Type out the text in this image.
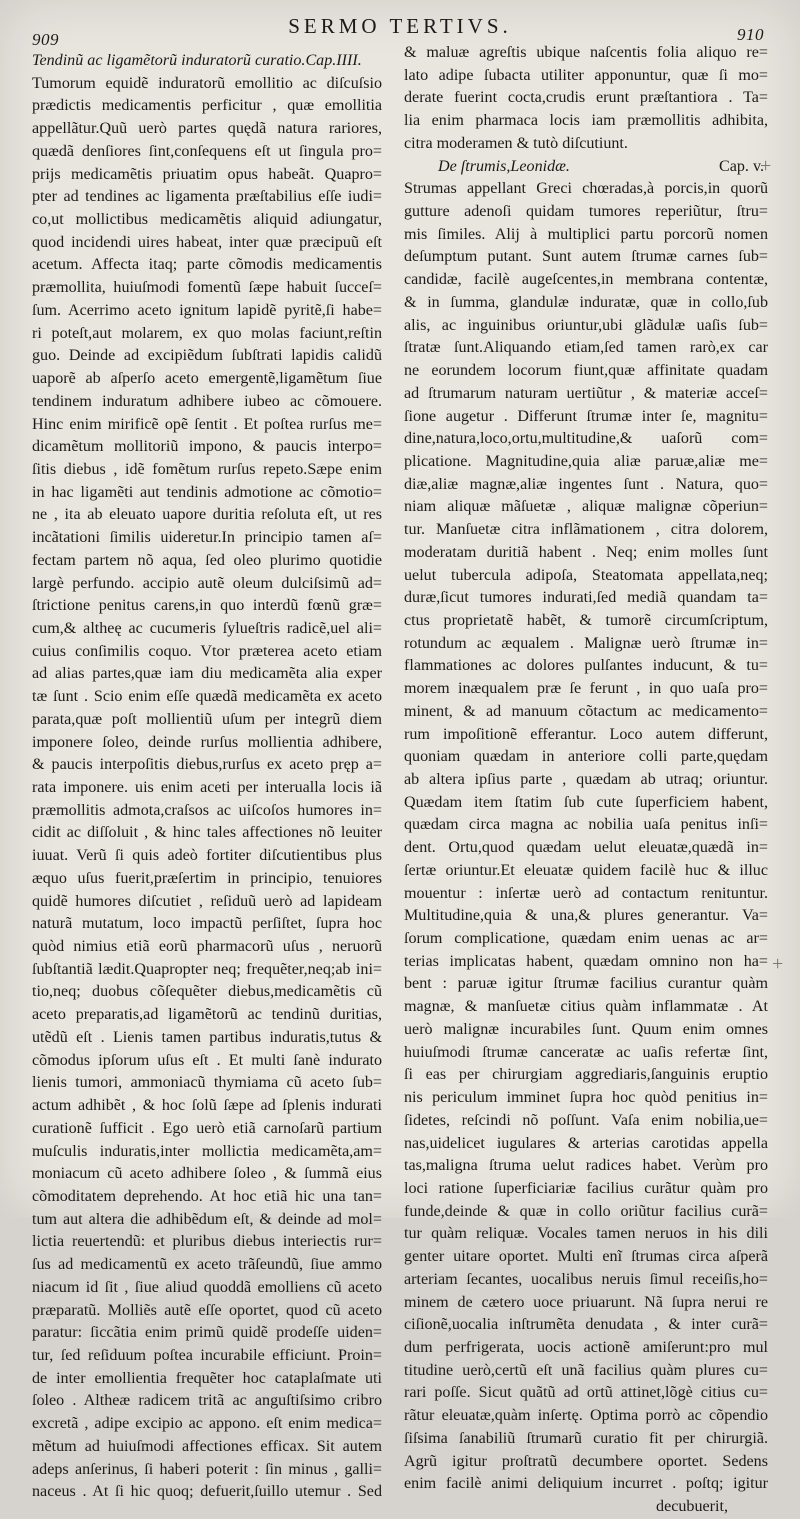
909
SERMO TERTIVS.	910
Tendinũ ac ligamẽtorũ induratorũ curatio.Cap.IIII.
Tumorum equidẽ induratorũ emollitio ac diſcuſsio
prædictis medicamentis perficitur , quæ emollitia
appellãtur.Quũ uerò partes quędã natura rariores,
quædã denſiores ſint,conſequens eſt ut ſingula pro=
prijs medicamẽtis priuatim opus habeãt. Quapro=
pter ad tendines ac ligamenta præſtabilius eſſe iudi=
co,ut mollictibus medicamẽtis aliquid adiungatur,
quod incidendi uires habeat, inter quæ præcipuũ eſt
acetum. Affecta itaq; parte cõmodis medicamentis
præmollita, huiuſmodi fomentũ ſæpe habuit ſucceſ=
ſum. Acerrimo aceto ignitum lapidẽ pyritẽ,ſi habe=
ri poteſt,aut molarem, ex quo molas faciunt,reſtin
guo. Deinde ad excipiẽdum ſubſtrati lapidis calidũ
uaporẽ ab aſperſo aceto emergentẽ,ligamẽtum ſiue
tendinem induratum adhibere iubeo ac cõmouere.
Hinc enim mirificẽ opẽ ſentit . Et poſtea rurſus me=
dicamẽtum mollitoriũ impono, & paucis interpo=
ſitis diebus , idẽ fomẽtum rurſus repeto.Sæpe enim
in hac ligamẽti aut tendinis admotione ac cõmotio=
ne , ita ab eleuato uapore duritia reſoluta eſt, ut res
incãtationi ſimilis uideretur.In principio tamen aſ=
fectam partem nõ aqua, ſed oleo plurimo quotidie
largè perfundo. accipio autẽ oleum dulciſsimũ ad=
ſtrictione penitus carens,in quo interdũ fœnũ græ=
cum,& altheę ac cucumeris ſylueſtris radicẽ,uel ali=
cuius conſimilis coquo. Vtor præterea aceto etiam
ad alias partes,quæ iam diu medicamẽta alia exper
tæ ſunt . Scio enim eſſe quædã medicamẽta ex aceto
parata,quæ poſt mollientiũ uſum per integrũ diem
imponere ſoleo, deinde rurſus mollientia adhibere,
& paucis interpoſitis diebus,rurſus ex aceto pręp a=
rata imponere. uis enim aceti per interualla locis iã
præmollitis admota,craſsos ac uiſcoſos humores in=
cidit ac diſſoluit , & hinc tales affectiones nõ leuiter
iuuat. Verũ ſi quis adeò fortiter diſcutientibus plus
æquo uſus fuerit,præſertim in principio, tenuiores
quidẽ humores diſcutiet , reſiduũ uerò ad lapideam
naturã mutatum, loco impactũ perſiſtet, ſupra hoc
quòd nimius etiã eorũ pharmacorũ uſus , neruorũ
ſubſtantiã lædit.Quapropter neq; frequẽter,neq;ab ini=
tio,neq; duobus cõſequẽter diebus,medicamẽtis cũ
aceto preparatis,ad ligamẽtorũ ac tendinũ duritias,
utẽdũ eſt . Lienis tamen partibus induratis,tutus &
cõmodus ipſorum uſus eſt . Et multi ſanè indurato
lienis tumori, ammoniacũ thymiama cũ aceto ſub=
actum adhibẽt , & hoc ſolũ ſæpe ad ſplenis indurati
curationẽ ſufficit . Ego uerò etiã carnoſarũ partium
muſculis induratis,inter mollictia medicamẽta,am=
moniacum cũ aceto adhibere ſoleo , & ſummã eius
cõmoditatem deprehendo. At hoc etiã hic una tan=
tum aut altera die adhibẽdum eſt, & deinde ad mol=
lictia reuertendũ: et pluribus diebus interiectis rur=
ſus ad medicamentũ ex aceto trãſeundũ, ſiue ammo
niacum id ſit , ſiue aliud quoddã emolliens cũ aceto
præparatũ. Molliẽs autẽ eſſe oportet, quod cũ aceto
paratur: ſiccãtia enim primũ quidẽ prodeſſe uiden=
tur, ſed reſiduum poſtea incurabile efficiunt. Proin=
de inter emollientia frequẽter hoc cataplaſmate uti
ſoleo . Altheæ radicem tritã ac anguſtiſsimo cribro
excretã , adipe excipio ac appono. eſt enim medica=
mẽtum ad huiuſmodi affectiones efficax. Sit autem
adeps anſerinus, ſi haberi poterit : ſin minus , galli=
naceus . At ſi hic quoq; defuerit,ſuillo utemur . Sed
& maluæ agreſtis ubique naſcentis folia aliquo re=
lato adipe ſubacta utiliter apponuntur, quæ ſi mo=
derate fuerint cocta,crudis erunt præſtantiora . Ta=
lia enim pharmaca locis iam præmollitis adhibita,
citra moderamen & tutò diſcutiunt.
De ſtrumis,Leonidæ.	Cap. v.
Strumas appellant Greci chœradas,à porcis,in quorũ
gutture adenoſi quidam tumores reperiũtur, ſtru=
mis ſimiles. Alij à multiplici partu porcorũ nomen
deſumptum putant. Sunt autem ſtrumæ carnes ſub=
candidæ, facilè augeſcentes,in membrana contentæ,
& in ſumma, glandulæ induratæ, quæ in collo,ſub
alis, ac inguinibus oriuntur,ubi glãdulæ uaſis ſub=
ſtratæ ſunt.Aliquando etiam,ſed tamen rarò,ex car
ne eorundem locorum fiunt,quæ affinitate quadam
ad ſtrumarum naturam uertiũtur , & materiæ acceſ=
ſione augetur . Differunt ſtrumæ inter ſe, magnitu=
dine,natura,loco,ortu,multitudine,& uaſorũ com=
plicatione. Magnitudine,quia aliæ paruæ,aliæ me=
diæ,aliæ magnæ,aliæ ingentes ſunt . Natura, quo=
niam aliquæ mãſuetæ , aliquæ malignæ cõperiun=
tur. Manſuetæ citra inflãmationem , citra dolorem,
moderatam duritiã habent . Neq; enim molles ſunt
uelut tubercula adipoſa, Steatomata appellata,neq;
duræ,ſicut tumores indurati,ſed mediã quandam ta=
ctus proprietatẽ habẽt, & tumorẽ circumſcriptum,
rotundum ac æqualem . Malignæ uerò ſtrumæ in=
flammationes ac dolores pulſantes inducunt, & tu=
morem inæqualem præ ſe ferunt , in quo uaſa pro=
minent, & ad manuum cõtactum ac medicamento=
rum impoſitionẽ efferantur. Loco autem differunt,
quoniam quædam in anteriore colli parte,quędam
ab altera ipſius parte , quædam ab utraq; oriuntur.
Quædam item ſtatim ſub cute ſuperficiem habent,
quædam circa magna ac nobilia uaſa penitus inſi=
dent. Ortu,quod quædam uelut eleuatæ,quædã in=
ſertæ oriuntur.Et eleuatæ quidem facilè huc & illuc
mouentur : inſertæ uerò ad contactum renituntur.
Multitudine,quia & una,& plures generantur. Va=
ſorum complicatione, quædam enim uenas ac ar=
terias implicatas habent, quædam omnino non ha=
bent : paruæ igitur ſtrumæ facilius curantur quàm
magnæ, & manſuetæ citius quàm inflammatæ . At
uerò malignæ incurabiles ſunt. Quum enim omnes
huiuſmodi ſtrumæ canceratæ ac uaſis refertæ ſint,
ſi eas per chirurgiam aggrediaris,ſanguinis eruptio
nis periculum imminet ſupra hoc quòd penitius in=
ſidetes, reſcindi nõ poſſunt. Vaſa enim nobilia,ue=
nas,uidelicet iugulares & arterias carotidas appella
tas,maligna ſtruma uelut radices habet. Verùm pro
loci ratione ſuperficiariæ facilius curãtur quàm pro
funde,deinde & quæ in collo oriũtur facilius curã=
tur quàm reliquæ. Vocales tamen neruos in his dili
genter uitare oportet. Multi enĩ ſtrumas circa aſperã
arteriam ſecantes, uocalibus neruis ſimul receiſis,ho=
minem de cætero uoce priuarunt. Nã ſupra nerui re
ciſionẽ,uocalia inſtrumẽta denudata , & inter curã=
dum perfrigerata, uocis actionẽ amiſerunt:pro mul
titudine uerò,certũ eſt unã facilius quàm plures cu=
rari poſſe. Sicut quãtũ ad ortũ attinet,lõgè citius cu=
rãtur eleuatæ,quàm inſertę. Optima porrò ac cõpendio
ſiſsima ſanabiliũ ſtrumarũ curatio fit per chirurgiã.
Agrũ igitur proſtratũ decumbere oportet. Sedens
enim facilè animi deliquium incurret . poſtq; igitur
decubuerit,
+
+
